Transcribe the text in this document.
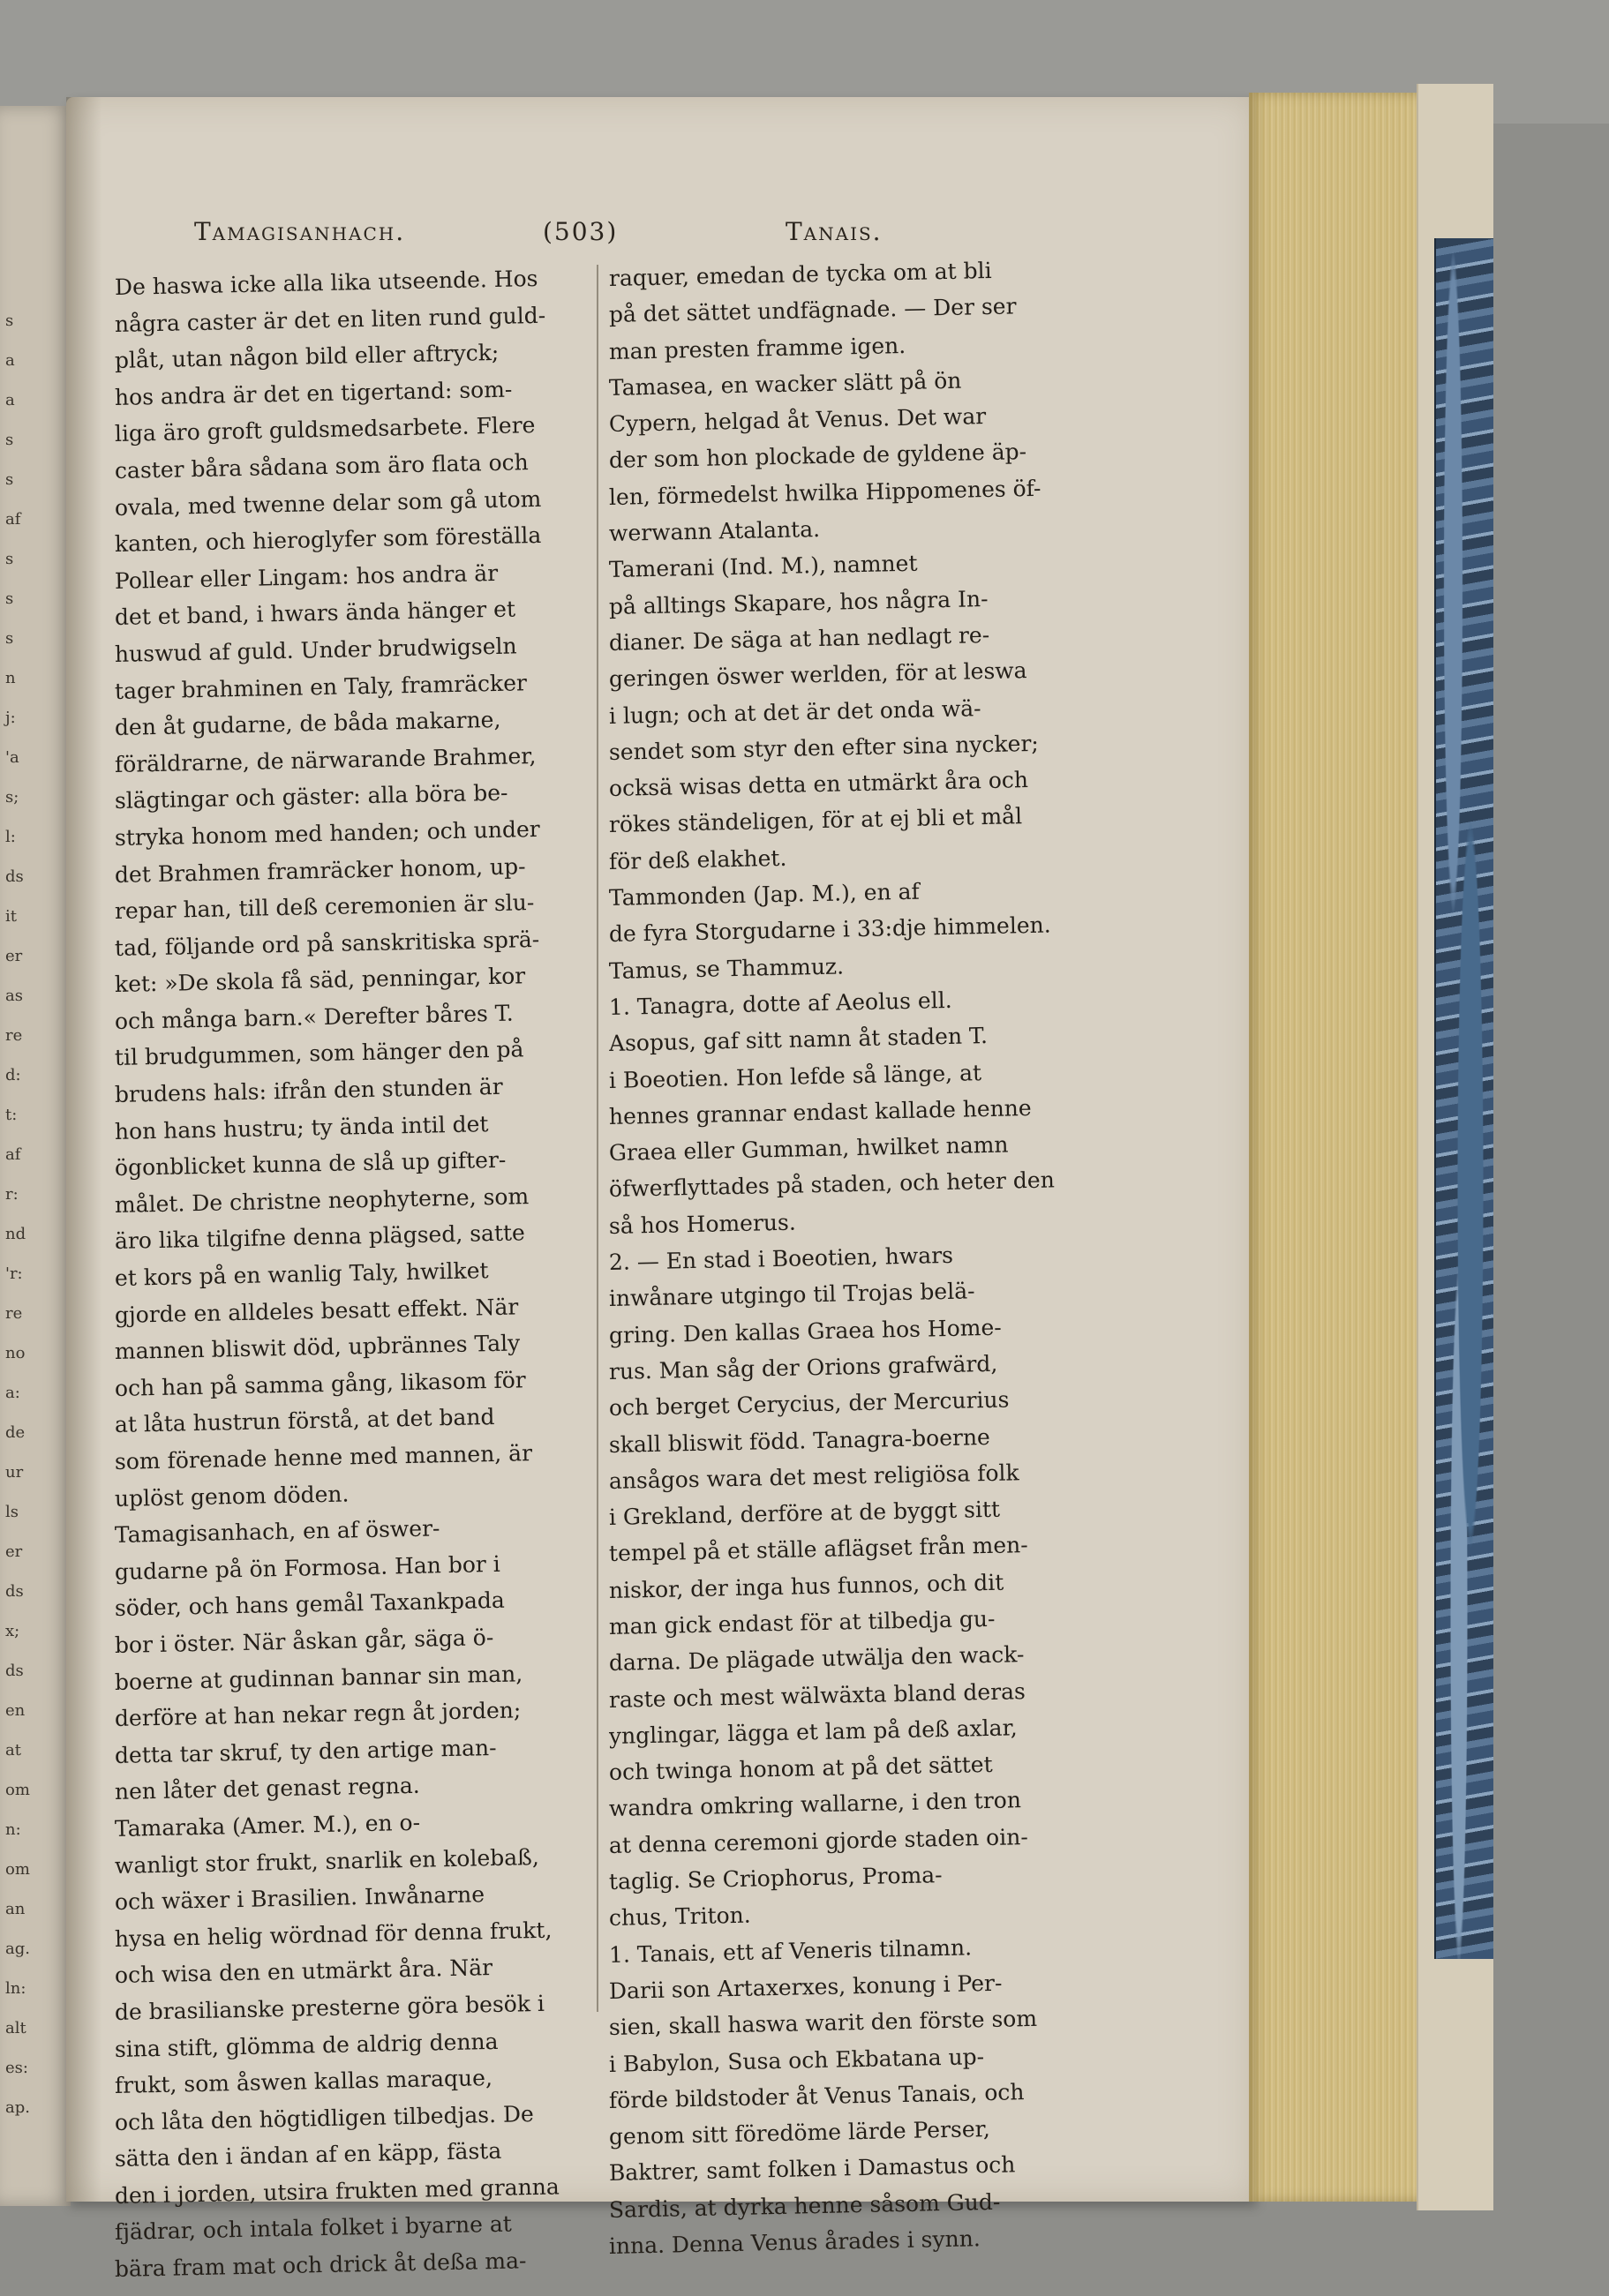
s
a
a
s
s
af
s
s
s
n
j:
'a
s;
l:
ds
it
er
as
re
d:
t:
af
r:
nd
'r:
re
no
a:
de
ur
ls
er
ds
x;
ds
en
at
om
n:
om
an
ag.
ln:
alt
es:
ap.
Tamagisanhach.	(503)	Tanais.
De haswa icke alla lika utseende. Hos
några caster är det en liten rund guld-
plåt, utan någon bild eller aftryck;
hos andra är det en tigertand: som-
liga äro groft guldsmedsarbete. Flere
caster båra sådana som äro flata och
ovala, med twenne delar som gå utom
kanten, och hieroglyfer som föreställa
Pollear eller Lingam: hos andra är
det et band, i hwars ända hänger et
huswud af guld. Under brudwigseln
tager brahminen en Taly, framräcker
den åt gudarne, de båda makarne,
föräldrarne, de närwarande Brahmer,
slägtingar och gäster: alla böra be-
stryka honom med handen; och under
det Brahmen framräcker honom, up-
repar han, till deß ceremonien är slu-
tad, följande ord på sanskritiska sprä-
ket: »De skola få säd, penningar, kor
och många barn.« Derefter båres T.
til brudgummen, som hänger den på
brudens hals: ifrån den stunden är
hon hans hustru; ty ända intil det
ögonblicket kunna de slå up gifter-
målet. De christne neophyterne, som
äro lika tilgifne denna plägsed, satte
et kors på en wanlig Taly, hwilket
gjorde en alldeles besatt effekt. När
mannen bliswit död, upbrännes Taly
och han på samma gång, likasom för
at låta hustrun förstå, at det band
som förenade henne med mannen, är
uplöst genom döden.
Tamagisanhach, en af öswer-
gudarne på ön Formosa. Han bor i
söder, och hans gemål Taxankpada
bor i öster. När åskan går, säga ö-
boerne at gudinnan bannar sin man,
derföre at han nekar regn åt jorden;
detta tar skruf, ty den artige man-
nen låter det genast regna.
Tamaraka (Amer. M.), en o-
wanligt stor frukt, snarlik en kolebaß,
och wäxer i Brasilien. Inwånarne
hysa en helig wördnad för denna frukt,
och wisa den en utmärkt åra. När
de brasilianske presterne göra besök i
sina stift, glömma de aldrig denna
frukt, som åswen kallas maraque,
och låta den högtidligen tilbedjas. De
sätta den i ändan af en käpp, fästa
den i jorden, utsira frukten med granna
fjädrar, och intala folket i byarne at
bära fram mat och drick åt deßa ma-
raquer, emedan de tycka om at bli
på det sättet undfägnade. — Der ser
man presten framme igen.
Tamasea, en wacker slätt på ön
Cypern, helgad åt Venus. Det war
der som hon plockade de gyldene äp-
len, förmedelst hwilka Hippomenes öf-
werwann Atalanta.
Tamerani (Ind. M.), namnet
på alltings Skapare, hos några In-
dianer. De säga at han nedlagt re-
geringen öswer werlden, för at leswa
i lugn; och at det är det onda wä-
sendet som styr den efter sina nycker;
ocksä wisas detta en utmärkt åra och
rökes ständeligen, för at ej bli et mål
för deß elakhet.
Tammonden (Jap. M.), en af
de fyra Storgudarne i 33:dje himmelen.
Tamus, se Thammuz.
1. Tanagra, dotte af Aeolus ell.
Asopus, gaf sitt namn åt staden T.
i Boeotien. Hon lefde så länge, at
hennes grannar endast kallade henne
Graea eller Gumman, hwilket namn
öfwerflyttades på staden, och heter den
så hos Homerus.
2. — En stad i Boeotien, hwars
inwånare utgingo til Trojas belä-
gring. Den kallas Graea hos Home-
rus. Man såg der Orions grafwärd,
och berget Cerycius, der Mercurius
skall bliswit född. Tanagra-boerne
ansågos wara det mest religiösa folk
i Grekland, derföre at de byggt sitt
tempel på et ställe aflägset från men-
niskor, der inga hus funnos, och dit
man gick endast för at tilbedja gu-
darna. De plägade utwälja den wack-
raste och mest wälwäxta bland deras
ynglingar, lägga et lam på deß axlar,
och twinga honom at på det sättet
wandra omkring wallarne, i den tron
at denna ceremoni gjorde staden oin-
taglig. Se Criophorus, Proma-
chus, Triton.
1. Tanais, ett af Veneris tilnamn.
Darii son Artaxerxes, konung i Per-
sien, skall haswa warit den förste som
i Babylon, Susa och Ekbatana up-
förde bildstoder åt Venus Tanais, och
genom sitt föredöme lärde Perser,
Baktrer, samt folken i Damastus och
Sardis, at dyrka henne såsom Gud-
inna. Denna Venus årades i synn.
